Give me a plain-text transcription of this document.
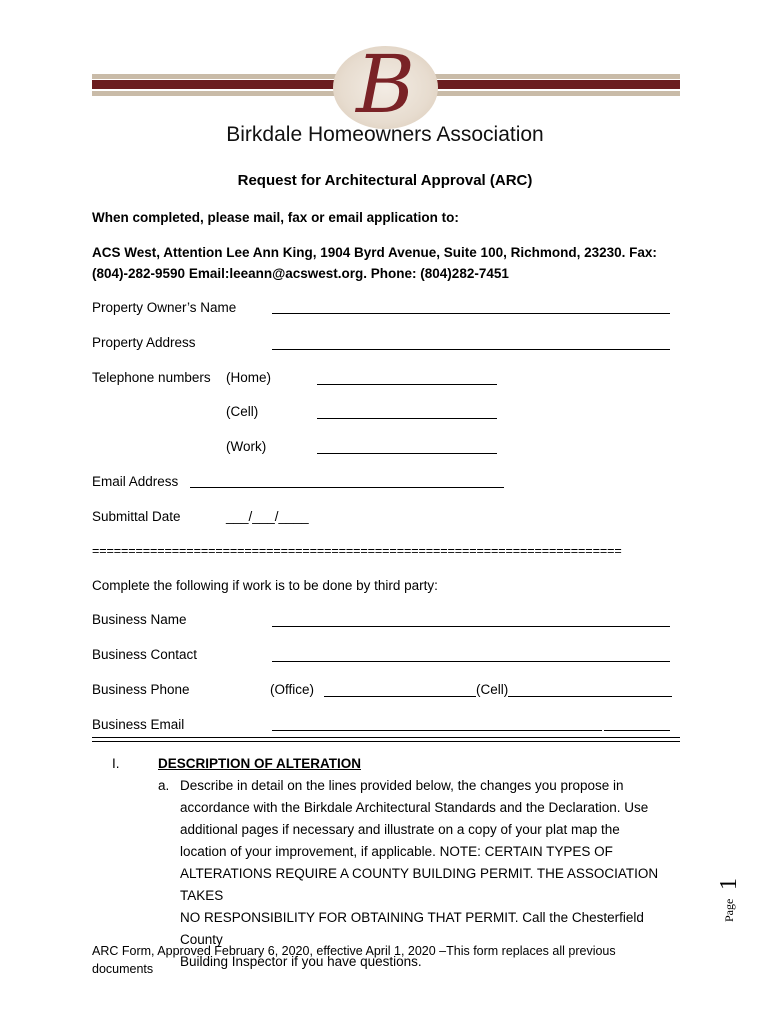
B
Birkdale Homeowners Association
Request for Architectural Approval (ARC)
When completed, please mail, fax or email application to:
ACS West, Attention Lee Ann King, 1904 Byrd Avenue, Suite 100, Richmond, 23230. Fax:
(804)-282-9590 Email:leeann@acswest.org. Phone: (804)282-7451
Property Owner’s Name
Property Address
Telephone numbers (Home)
(Cell)
(Work)
Email Address
Submittal Date	___/___/____
=========================================================================
Complete the following if work is to be done by third party:
Business Name
Business Contact
Business Phone	(Office)	(Cell)
Business Email
I.	DESCRIPTION OF ALTERATION
a. Describe in detail on the lines provided below, the changes you propose in
accordance with the Birkdale Architectural Standards and the Declaration. Use
additional pages if necessary and illustrate on a copy of your plat map the
location of your improvement, if applicable. NOTE: CERTAIN TYPES OF
ALTERATIONS REQUIRE A COUNTY BUILDING PERMIT. THE ASSOCIATION TAKES
NO RESPONSIBILITY FOR OBTAINING THAT PERMIT. Call the Chesterfield County
Building Inspector if you have questions.
Page
1
ARC Form, Approved February 6, 2020, effective April 1, 2020 –This form replaces all previous
documents
